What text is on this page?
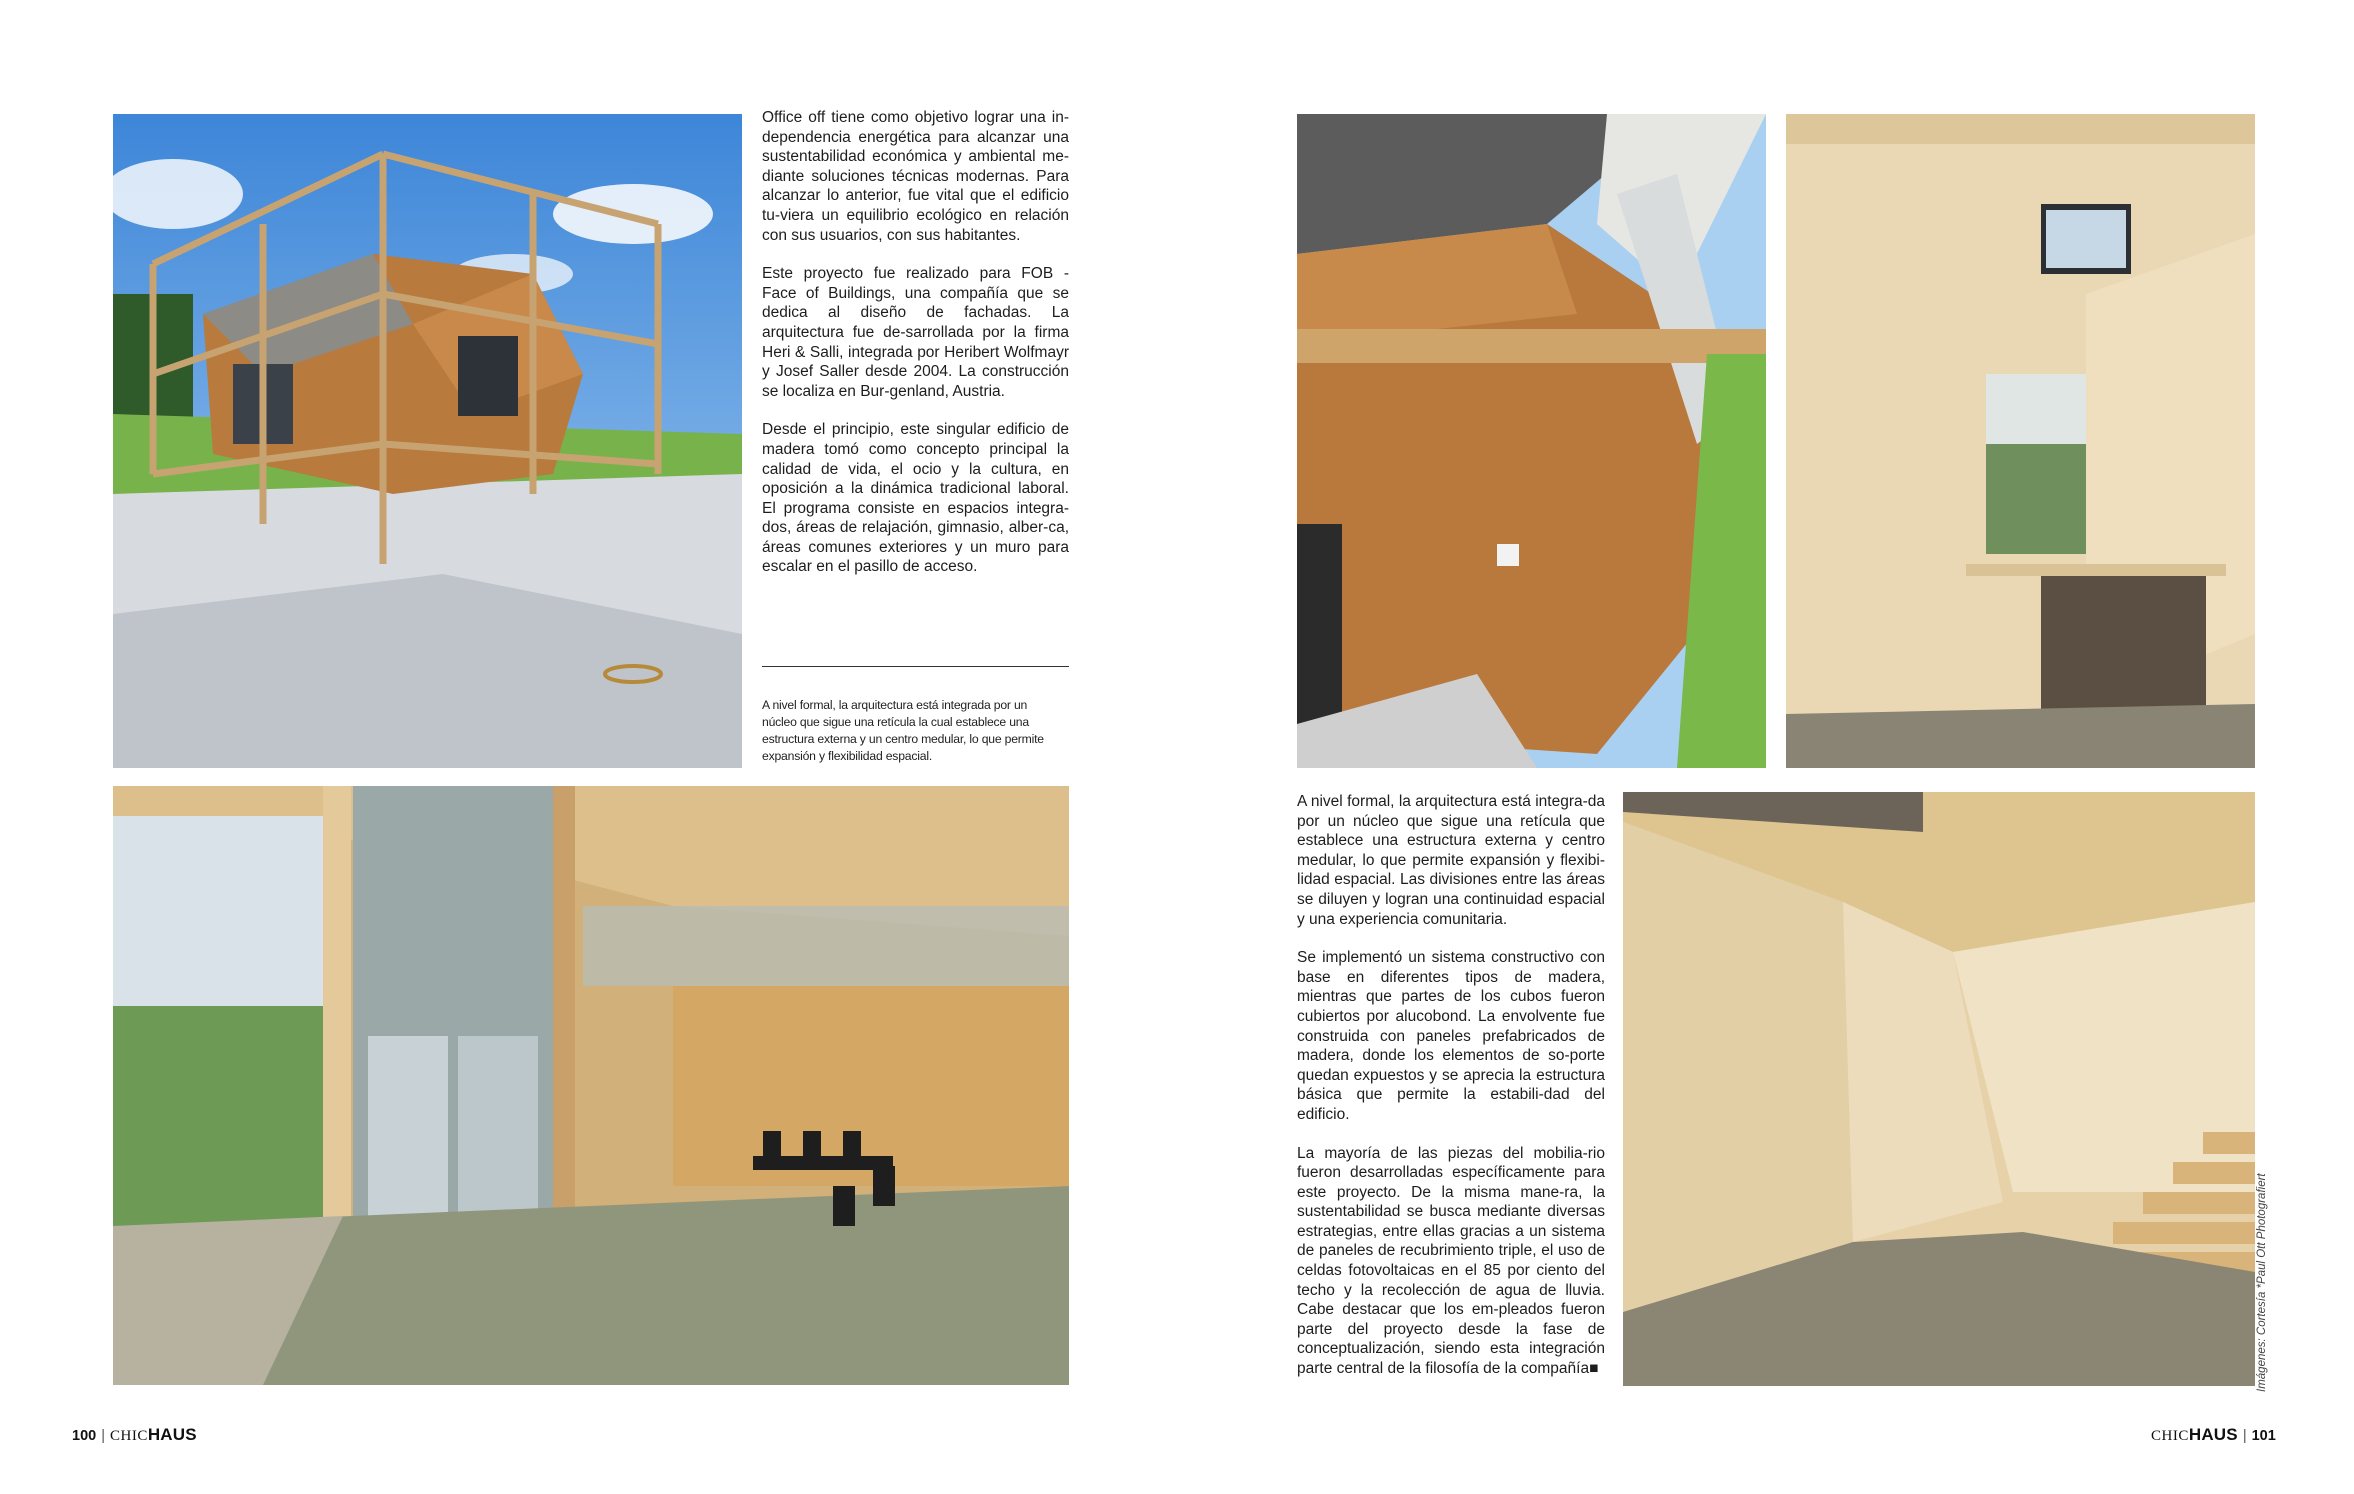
Office off tiene como objetivo lograr una in-dependencia energética para alcanzar una sustentabilidad económica y ambiental me-diante soluciones técnicas modernas. Para alcanzar lo anterior, fue vital que el edificio tu-viera un equilibrio ecológico en relación con sus usuarios, con sus habitantes.

Este proyecto fue realizado para FOB - Face of Buildings, una compañía que se dedica al diseño de fachadas. La arquitectura fue de-sarrollada por la firma Heri & Salli, integrada por Heribert Wolfmayr y Josef Saller desde 2004. La construcción se localiza en Bur-genland, Austria.

Desde el principio, este singular edificio de madera tomó como concepto principal la calidad de vida, el ocio y la cultura, en oposición a la dinámica tradicional laboral. El programa consiste en espacios integra-dos, áreas de relajación, gimnasio, alber-ca, áreas comunes exteriores y un muro para escalar en el pasillo de acceso.

A nivel formal, la arquitectura está integrada por un núcleo que sigue una retícula la cual establece una estructura externa y un centro medular, lo que permite expansión y flexibilidad espacial.
100 | CHICHAUS

A nivel formal, la arquitectura está integra-da por un núcleo que sigue una retícula que establece una estructura externa y centro medular, lo que permite expansión y flexibi-lidad espacial. Las divisiones entre las áreas se diluyen y logran una continuidad espacial y una experiencia comunitaria.

Se implementó un sistema constructivo con base en diferentes tipos de madera, mientras que partes de los cubos fueron cubiertos por alucobond. La envolvente fue construida con paneles prefabricados de madera, donde los elementos de so-porte quedan expuestos y se aprecia la estructura básica que permite la estabili-dad del edificio.

La mayoría de las piezas del mobilia-rio fueron desarrolladas específicamente para este proyecto. De la misma mane-ra, la sustentabilidad se busca mediante diversas estrategias, entre ellas gracias a un sistema de paneles de recubrimiento triple, el uso de celdas fotovoltaicas en el 85 por ciento del techo y la recolección de agua de lluvia. Cabe destacar que los em-pleados fueron parte del proyecto desde la fase de conceptualización, siendo esta integración parte central de la filosofía de la compañía■	Imágenes: Cortesía *Paul Ott Photografiert
CHICHAUS | 101
